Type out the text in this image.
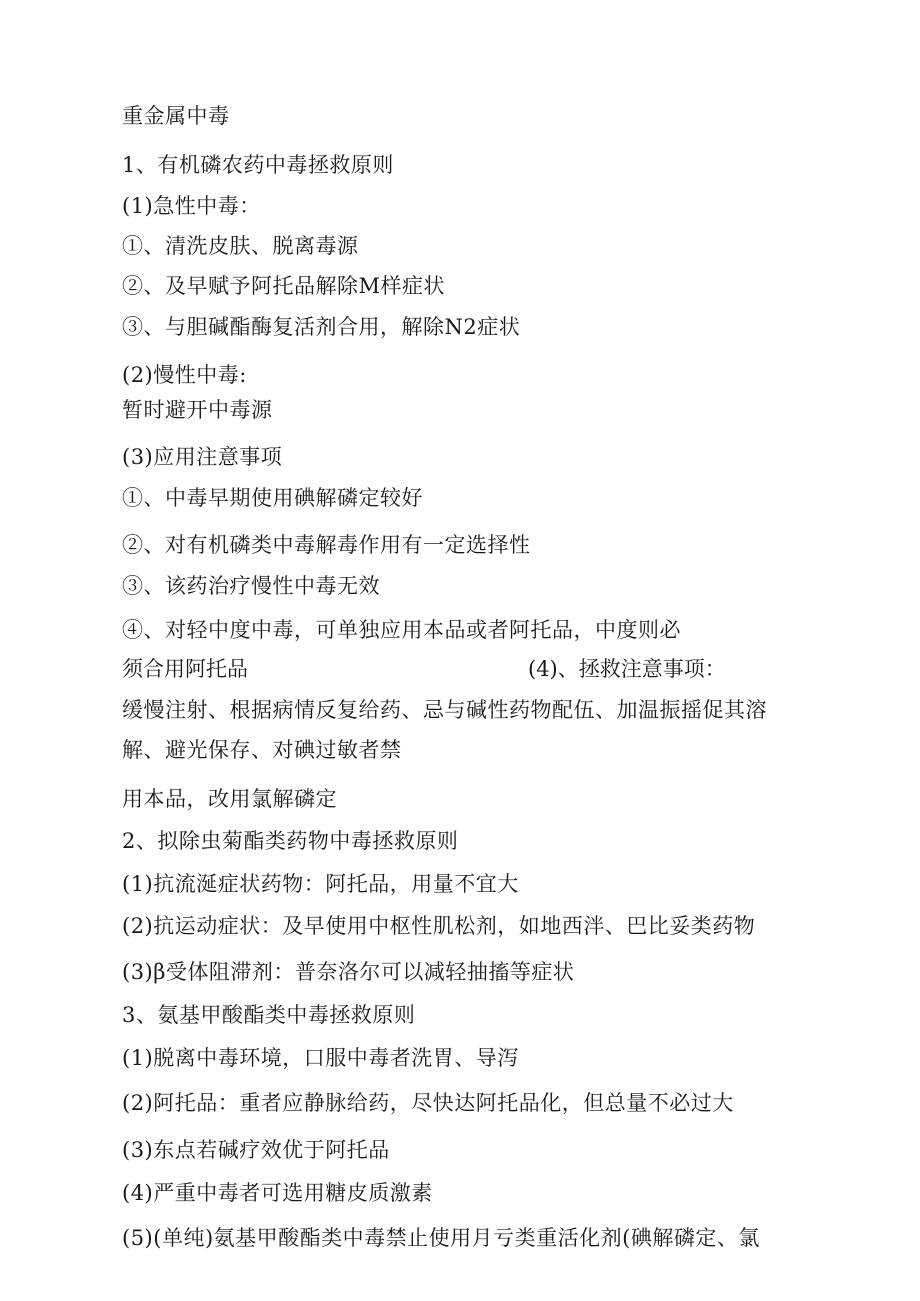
重金属中毒
1、有机磷农药中毒拯救原则
(1)急性中毒：
①、清洗皮肤、脱离毒源
②、及早赋予阿托品解除M样症状
③、与胆碱酯酶复活剂合用，解除N2症状
(2)慢性中毒:
暂时避开中毒源
(3)应用注意事项
①、中毒早期使用碘解磷定较好
②、对有机磷类中毒解毒作用有一定选择性
③、该药治疗慢性中毒无效
④、对轻中度中毒，可单独应用本品或者阿托品，中度则必
须合用阿托品	(4)、拯救注意事项：
缓慢注射、根据病情反复给药、忌与碱性药物配伍、加温振摇促其溶
解、避光保存、对碘过敏者禁
用本品，改用氯解磷定
2、拟除虫菊酯类药物中毒拯救原则
(1)抗流涎症状药物：阿托品，用量不宜大
(2)抗运动症状：及早使用中枢性肌松剂，如地西泮、巴比妥类药物
(3)β受体阻滞剂：普奈洛尔可以减轻抽搐等症状
3、氨基甲酸酯类中毒拯救原则
(1)脱离中毒环境，口服中毒者洗胃、导泻
(2)阿托品：重者应静脉给药，尽快达阿托品化，但总量不必过大
(3)东点若碱疗效优于阿托品
(4)严重中毒者可选用糖皮质激素
(5)(单纯)氨基甲酸酯类中毒禁止使用月亏类重活化剂(碘解磷定、氯
